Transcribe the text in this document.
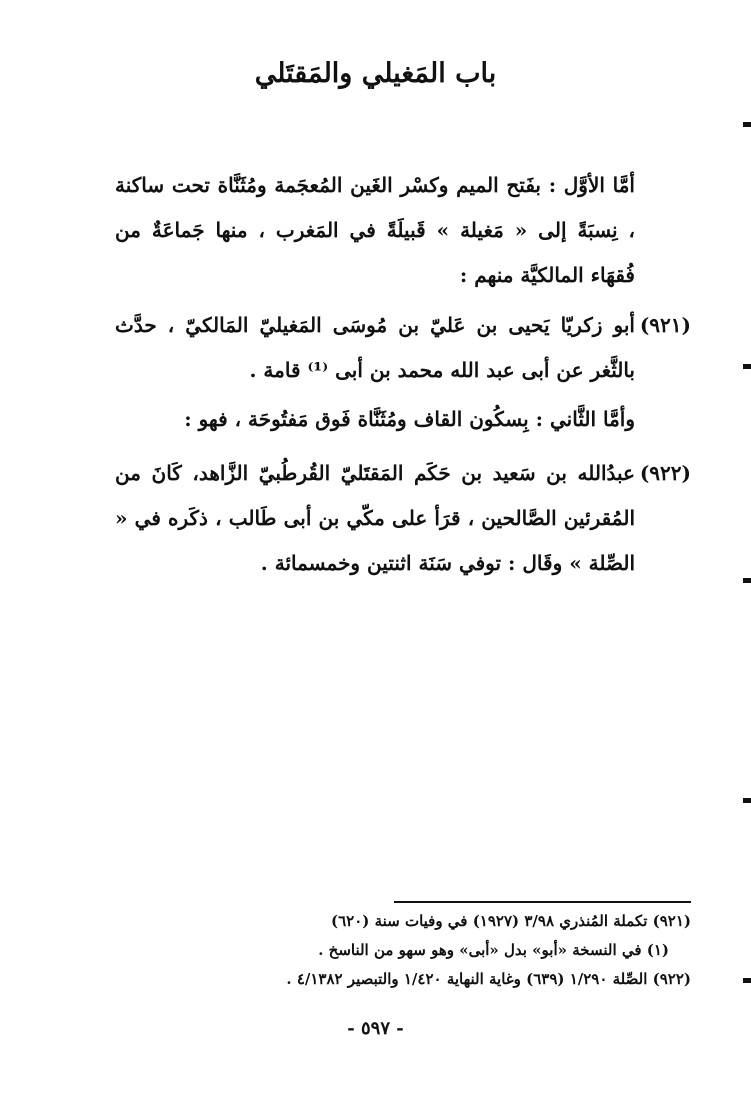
باب المَغيلي والمَقتَلي
أمَّا الأوَّل : بفَتح الميم وكسْر الغَين المُعجَمة ومُثَنَّاة تحت ساكنة ، نِسبَةً إلى « مَغيلة » قَبيلَةً في المَغرب ، منها جَماعَةٌ من فُقهَاء المالكيَّة منهم :
(٩٢١)
أبو زكريّا يَحيى بن عَليّ بن مُوسَى المَغيليّ المَالكيّ ، حدَّث بالثَّغر عن أبى عبد الله محمد بن أبى ⁽¹⁾ قامة .
وأمَّا الثَّاني : بِسكُون القاف ومُثَنَّاة فَوق مَفتُوحَة ، فهو :
(٩٢٢)
عبدُالله بن سَعيد بن حَكَم المَقتَليّ القُرطُبيّ الزَّاهد، كَانَ من المُقرئين الصَّالحين ، قرَأ على مكّي بن أبى طَالب ، ذكَره في « الصِّلة » وقَال : توفي سَنَة اثنتين وخمسمائة .
(٩٢١) تكملة المُنذري ٣/٩٨ (١٩٢٧) في وفيات سنة (٦٢٠)
(١) في النسخة «أبو» بدل «أبى» وهو سهو من الناسخ .
(٩٢٢) الصِّلة ١/٢٩٠ (٦٣٩) وغاية النهاية ١/٤٢٠ والتبصير ٤/١٣٨٢ .
- ٥٩٧ -
